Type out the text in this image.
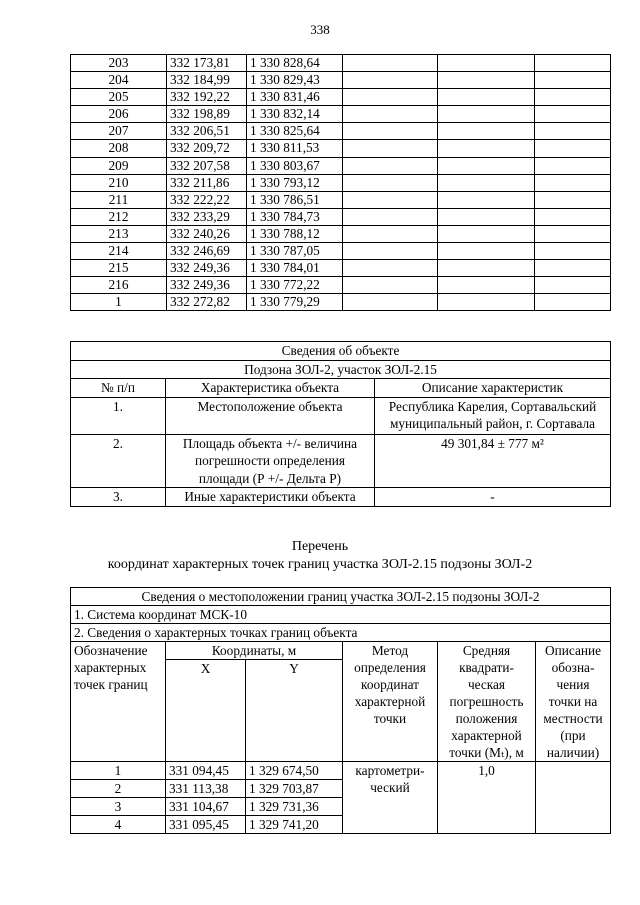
338
203	332 173,81	1 330 828,64			
204	332 184,99	1 330 829,43			
205	332 192,22	1 330 831,46			
206	332 198,89	1 330 832,14			
207	332 206,51	1 330 825,64			
208	332 209,72	1 330 811,53			
209	332 207,58	1 330 803,67			
210	332 211,86	1 330 793,12			
211	332 222,22	1 330 786,51			
212	332 233,29	1 330 784,73			
213	332 240,26	1 330 788,12			
214	332 246,69	1 330 787,05			
215	332 249,36	1 330 784,01			
216	332 249,36	1 330 772,22			
1	332 272,82	1 330 779,29			
Сведения об объекте		
Подзона ЗОЛ-2, участок ЗОЛ-2.15		
№ п/п	Характеристика объекта	Описание характеристик
1.	Местоположение объекта	Республика Карелия, Сортавальский муниципальный район, г. Сортавала
2.	Площадь объекта +/- величина погрешности определения площади (Р +/- Дельта Р)	49 301,84 ± 777 м²
3.	Иные характеристики объекта	-
Перечень
координат характерных точек границ участка ЗОЛ-2.15 подзоны ЗОЛ-2
Сведения о местоположении границ участка ЗОЛ-2.15 подзоны ЗОЛ-2					
1. Система координат МСК-10					
2. Сведения о характерных точках границ объекта					
Обозначение характерных точек границ	Координаты, м		Метод определения координат характерной точки	Средняя квадрати-ческая погрешность положения характерной точки (Mₜ), м	Описание обозна-чения точки на местности (при наличии)
	X	Y			
1	331 094,45	1 329 674,50	картометри-ческий	1,0	
2	331 113,38	1 329 703,87			
3	331 104,67	1 329 731,36			
4	331 095,45	1 329 741,20			
